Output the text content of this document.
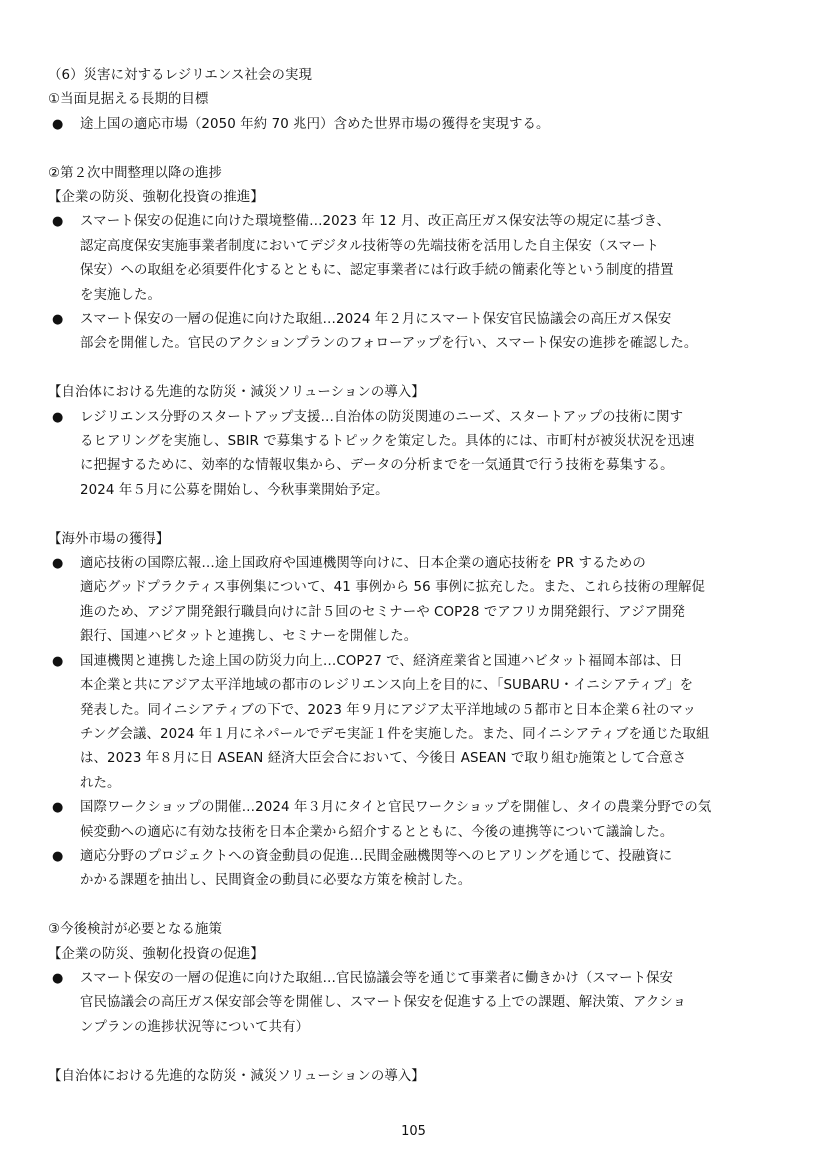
（6）災害に対するレジリエンス社会の実現
①当面見据える長期的目標
●	途上国の適応市場（2050 年約 70 兆円）含めた世界市場の獲得を実現する。
②第２次中間整理以降の進捗
【企業の防災、強靭化投資の推進】
●	スマート保安の促進に向けた環境整備…2023 年 12 月、改正高圧ガス保安法等の規定に基づき、
認定高度保安実施事業者制度においてデジタル技術等の先端技術を活用した自主保安（スマート
保安）への取組を必須要件化するとともに、認定事業者には行政手続の簡素化等という制度的措置
を実施した。
●	スマート保安の一層の促進に向けた取組…2024 年２月にスマート保安官民協議会の高圧ガス保安
部会を開催した。官民のアクションプランのフォローアップを行い、スマート保安の進捗を確認した。
【自治体における先進的な防災・減災ソリューションの導入】
●	レジリエンス分野のスタートアップ支援…自治体の防災関連のニーズ、スタートアップの技術に関す
るヒアリングを実施し、SBIR で募集するトピックを策定した。具体的には、市町村が被災状況を迅速
に把握するために、効率的な情報収集から、データの分析までを一気通貫で行う技術を募集する。
2024 年５月に公募を開始し、今秋事業開始予定。
【海外市場の獲得】
●	適応技術の国際広報…途上国政府や国連機関等向けに、日本企業の適応技術を PR するための
適応グッドプラクティス事例集について、41 事例から 56 事例に拡充した。また、これら技術の理解促
進のため、アジア開発銀行職員向けに計５回のセミナーや COP28 でアフリカ開発銀行、アジア開発
銀行、国連ハビタットと連携し、セミナーを開催した。
●	国連機関と連携した途上国の防災力向上…COP27 で、経済産業省と国連ハビタット福岡本部は、日
本企業と共にアジア太平洋地域の都市のレジリエンス向上を目的に、「SUBARU・イニシアティブ」を
発表した。同イニシアティブの下で、2023 年９月にアジア太平洋地域の５都市と日本企業６社のマッ
チング会議、2024 年１月にネパールでデモ実証１件を実施した。また、同イニシアティブを通じた取組
は、2023 年８月に日 ASEAN 経済大臣会合において、今後日 ASEAN で取り組む施策として合意さ
れた。
●	国際ワークショップの開催…2024 年３月にタイと官民ワークショップを開催し、タイの農業分野での気
候変動への適応に有効な技術を日本企業から紹介するとともに、今後の連携等について議論した。
●	適応分野のプロジェクトへの資金動員の促進…民間金融機関等へのヒアリングを通じて、投融資に
かかる課題を抽出し、民間資金の動員に必要な方策を検討した。
③今後検討が必要となる施策
【企業の防災、強靭化投資の促進】
●	スマート保安の一層の促進に向けた取組…官民協議会等を通じて事業者に働きかけ（スマート保安
官民協議会の高圧ガス保安部会等を開催し、スマート保安を促進する上での課題、解決策、アクショ
ンプランの進捗状況等について共有）
【自治体における先進的な防災・減災ソリューションの導入】
105
